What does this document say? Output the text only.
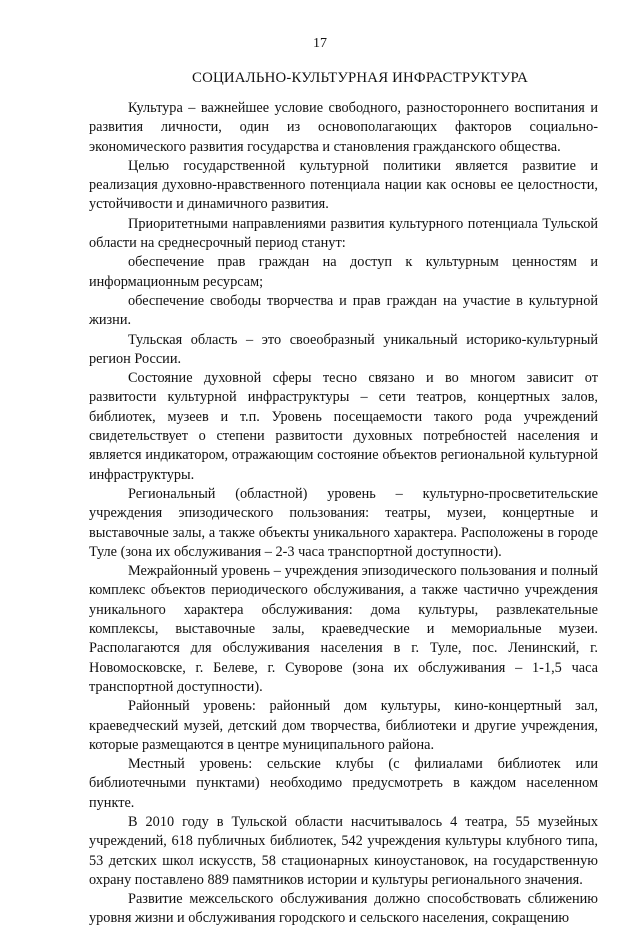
17
СОЦИАЛЬНО-КУЛЬТУРНАЯ ИНФРАСТРУКТУРА

Культура – важнейшее условие свободного, разностороннего воспитания и развития личности, один из основополагающих факторов социально-экономического развития государства и становления гражданского общества.

Целью государственной культурной политики является развитие и реализация духовно-нравственного потенциала нации как основы ее целостности, устойчивости и динамичного развития.

Приоритетными направлениями развития культурного потенциала Тульской области на среднесрочный период станут:

обеспечение прав граждан на доступ к культурным ценностям и информационным ресурсам;

обеспечение свободы творчества и прав граждан на участие в культурной жизни.

Тульская область – это своеобразный уникальный историко-культурный регион России.

Состояние духовной сферы тесно связано и во многом зависит от развитости культурной инфраструктуры – сети театров, концертных залов, библиотек, музеев и т.п. Уровень посещаемости такого рода учреждений свидетельствует о степени развитости духовных потребностей населения и является индикатором, отражающим состояние объектов региональной культурной инфраструктуры.

Региональный (областной) уровень – культурно-просветительские учреждения эпизодического пользования: театры, музеи, концертные и выставочные залы, а также объекты уникального характера. Расположены в городе Туле (зона их обслуживания – 2-3 часа транспортной доступности).

Межрайонный уровень – учреждения эпизодического пользования и полный комплекс объектов периодического обслуживания, а также частично учреждения уникального характера обслуживания: дома культуры, развлекательные комплексы, выставочные залы, краеведческие и мемориальные музеи. Располагаются для обслуживания населения в г. Туле, пос. Ленинский, г. Новомосковске, г. Белеве, г. Суворове (зона их обслуживания – 1-1,5 часа транспортной доступности).

Районный уровень: районный дом культуры, кино-концертный зал, краеведческий музей, детский дом творчества, библиотеки и другие учреждения, которые размещаются в центре муниципального района.

Местный уровень: сельские клубы (с филиалами библиотек или библиотечными пунктами) необходимо предусмотреть в каждом населенном пункте.

В 2010 году в Тульской области насчитывалось 4 театра, 55 музейных учреждений, 618 публичных библиотек, 542 учреждения культуры клубного типа, 53 детских школ искусств, 58 стационарных киноустановок, на государственную охрану поставлено 889 памятников истории и культуры регионального значения.

Развитие межсельского обслуживания должно способствовать сближению уровня жизни и обслуживания городского и сельского населения, сокращению
